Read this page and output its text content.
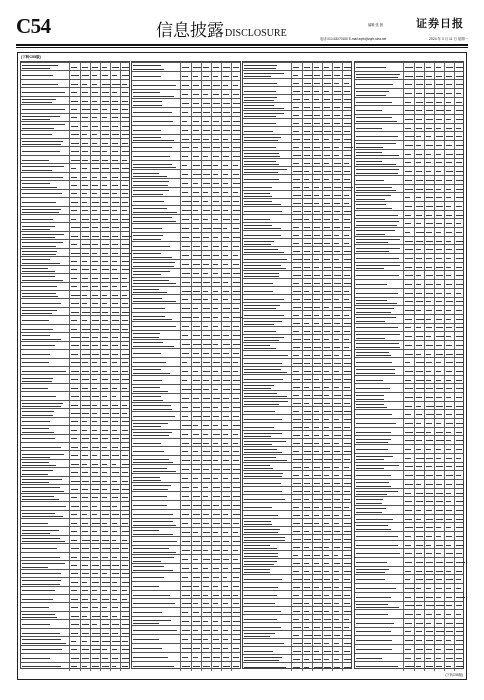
C54	信息披露DISCLOSURE
编辑 张 晨
电话:010-63070150 E-mail:zqrb@zqrb.sina.net
证券日报
2024 年 3 月 11 日 星期一
(下转C55版)
(下转C55版)
